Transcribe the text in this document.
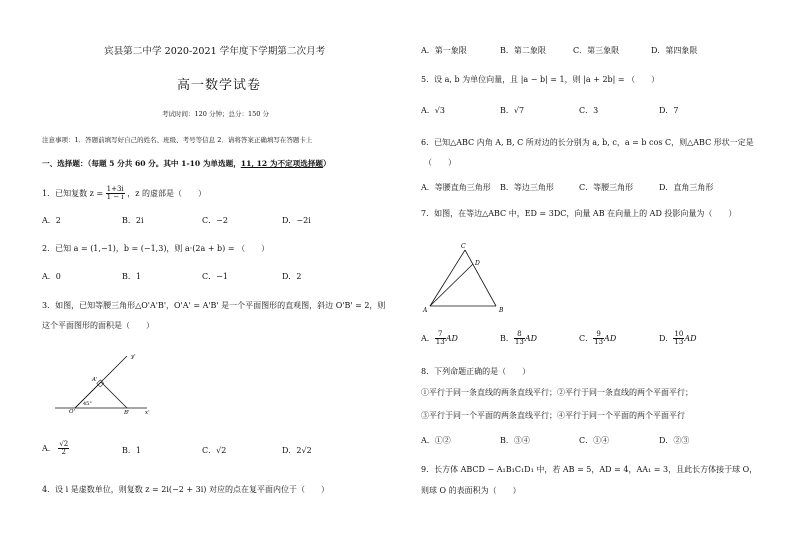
宾县第二中学 2020-2021 学年度下学期第二次月考
高一数学试卷
考试时间：120 分钟；总分：150 分
注意事项：1．答题前填写好自己的姓名、班级、考号等信息 2．请将答案正确填写在答题卡上
一、选择题：（每题 5 分共 60 分。其中 1-10 为单选题，11, 12 为不定项选择题）
1．已知复数 $z = \frac{1+3i}{1 - i}$ ，z 的虚部是（　　）
A．2	B．2i	C．−2	D．−2i
2．已知 a = (1,−1)，b = (−1,3)，则 a·(2a + b) = （　　）
A．0	B．1	C．−1	D．2
3．如图，已知等腰三角形△O'A'B'，O'A' = A'B' 是一个平面图形的直观图，斜边 O'B' = 2，则
这个平面图形的面积是（　　）
y'
A'
O'	B'	x'
45°
A． $\frac{√2}{2}$	B．1	C．√2	D．2√2
4．设 i 是虚数单位，则复数 z = 2i(−2 + 3i) 对应的点在复平面内位于（　　）
A．第一象限	B．第二象限	C．第三象限	D．第四象限
5．设 a, b 为单位向量，且 |a − b| = 1，则 |a + 2b| = （　　）
A．√3	B．√7	C．3	D．7
6．已知△ABC 内角 A, B, C 所对边的长分别为 a, b, c，a = b cos C，则△ABC 形状一定是
（　　）
A．等腰直角三角形 B．等边三角形	C．等腰三角形	D．直角三角形
7．如图，在等边△ABC 中，ED = 3DC，向量 AB 在向量上的 AD 投影向量为（　　）
C
D
A	B
A． $\frac{7}{13}$ AD	B． $\frac{8}{13}$ AD	C． $\frac{9}{13}$ AD	D． $\frac{10}{13}$ AD
8．下列命题正确的是（　　）
①平行于同一条直线的两条直线平行；②平行于同一条直线的两个平面平行；
③平行于同一个平面的两条直线平行；④平行于同一个平面的两个平面平行
A．①②	B．③④	C．①④	D．②③
9．长方体 ABCD − A₁B₁C₁D₁ 中，若 AB = 5，AD = 4，AA₁ = 3，且此长方体接于球 O，
则球 O 的表面积为（　　）
